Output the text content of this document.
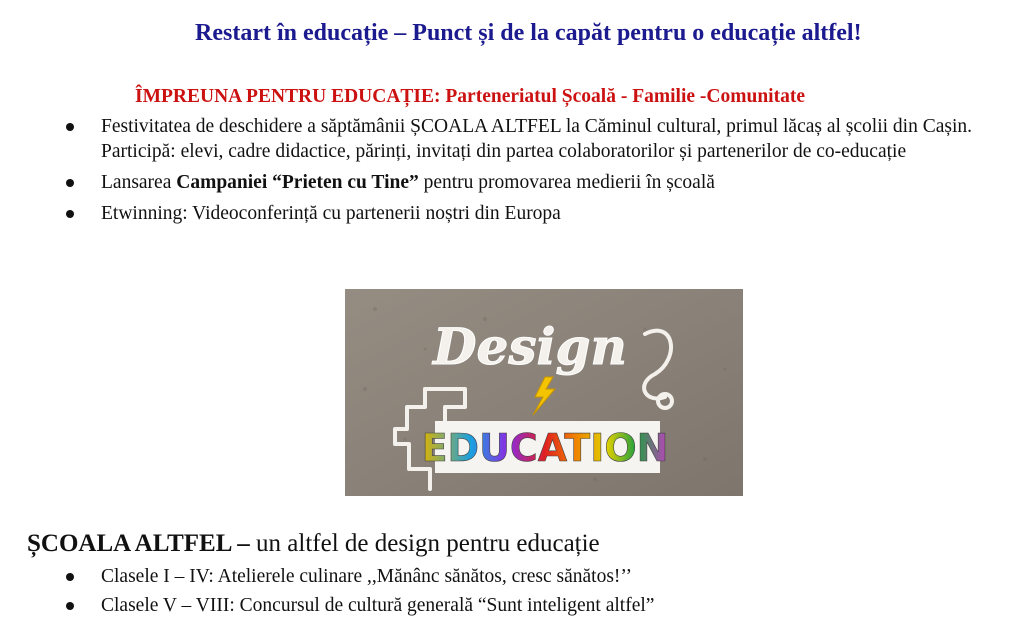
Restart în educație – Punct și de la capăt pentru o educație altfel!
ÎMPREUNA PENTRU EDUCAȚIE: Parteneriatul Școală - Familie -Comunitate
Festivitatea de deschidere a săptămânii ȘCOALA ALTFEL la Căminul cultural, primul lăcaș al școlii din Cașin. Participă: elevi, cadre didactice, părinți, invitați din partea colaboratorilor și partenerilor de co-educație
Lansarea Campaniei “Prieten cu Tine” pentru promovarea medierii în școală
Etwinning: Videoconferință cu partenerii noștri din Europa
Design
EDUCATION
ȘCOALA ALTFEL – un altfel de design pentru educație
Clasele I – IV: Atelierele culinare ,,Mănânc sănătos, cresc sănătos!’’
Clasele V – VIII: Concursul de cultură generală “Sunt inteligent altfel”
